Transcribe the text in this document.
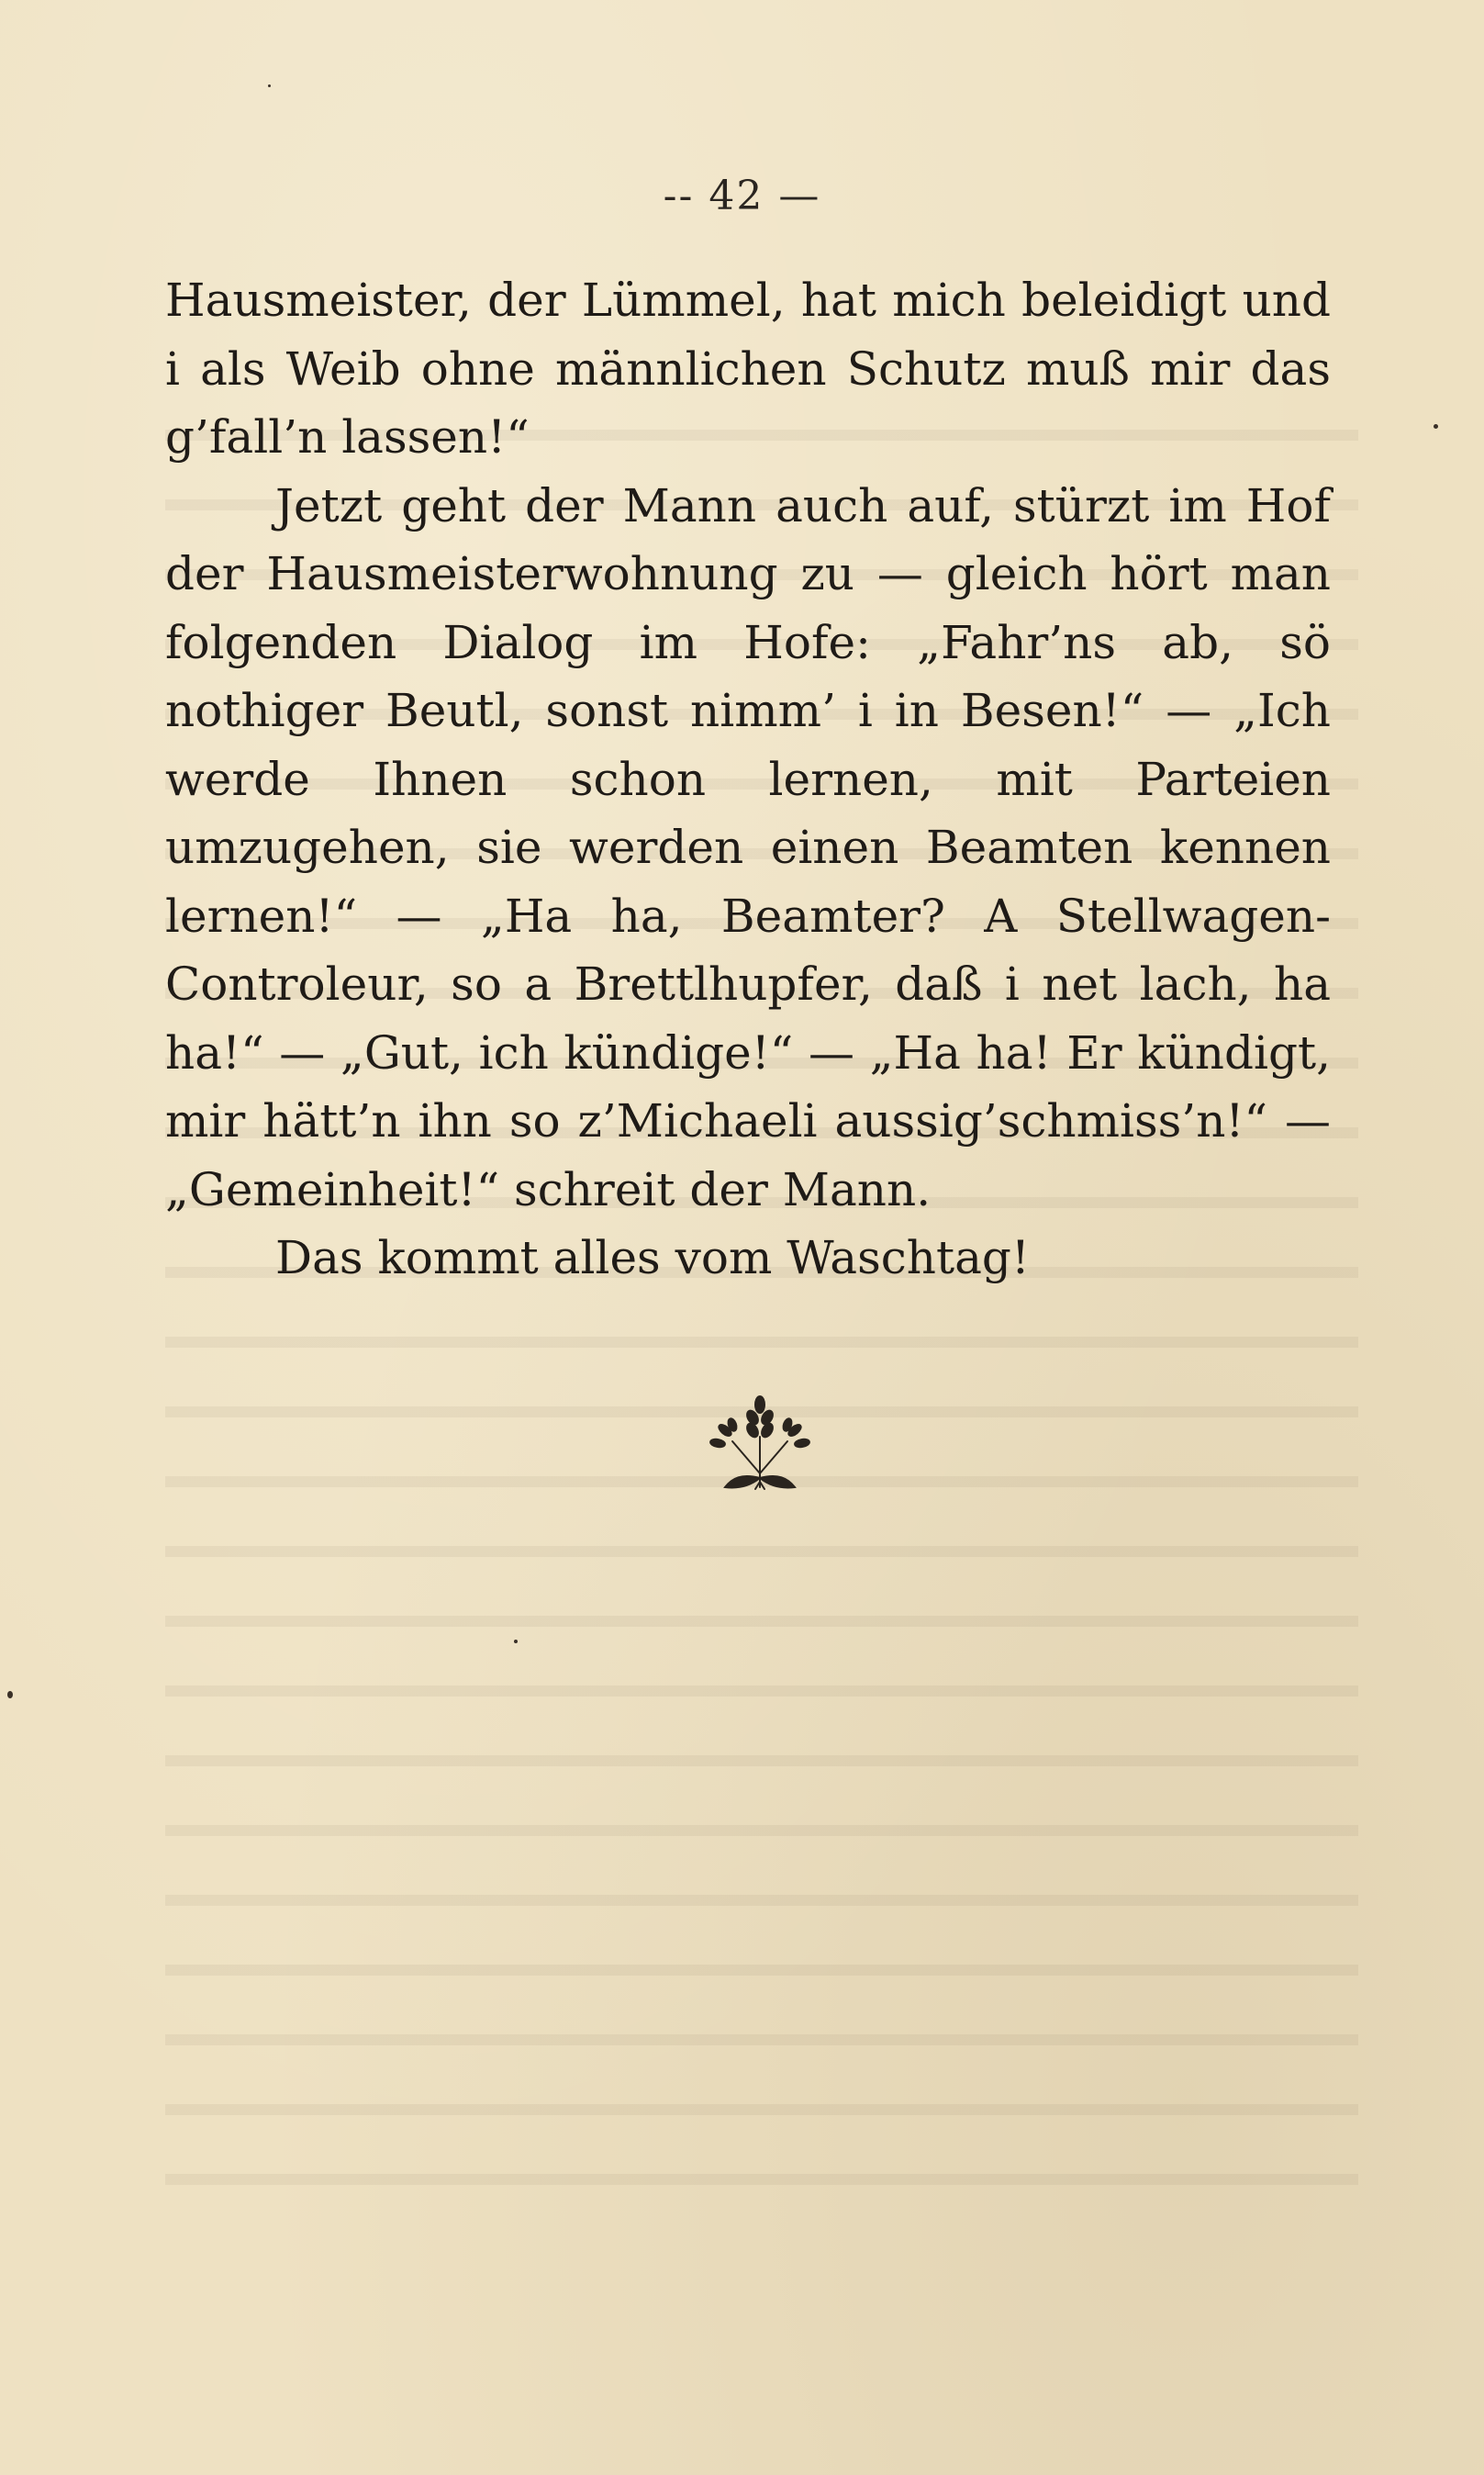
-- 42 —

Hausmeister, der Lümmel, hat mich beleidigt und i als Weib ohne männlichen Schutz muß mir das g’fall’n lassen!“

Jetzt geht der Mann auch auf, stürzt im Hof der Hausmeisterwohnung zu — gleich hört man folgenden Dialog im Hofe: „Fahr’ns ab, sö nothiger Beutl, sonst nimm’ i in Besen!“ — „Ich werde Ihnen schon lernen, mit Parteien umzugehen, sie werden einen Beamten kennen lernen!“ — „Ha ha, Beamter? A Stellwagen-Controleur, so a Brettlhupfer, daß i net lach, ha ha!“ — „Gut, ich kündige!“ — „Ha ha! Er kündigt, mir hätt’n ihn so z’Michaeli aussig’schmiss’n!“ — „Gemeinheit!“ schreit der Mann.

Das kommt alles vom Waschtag!
